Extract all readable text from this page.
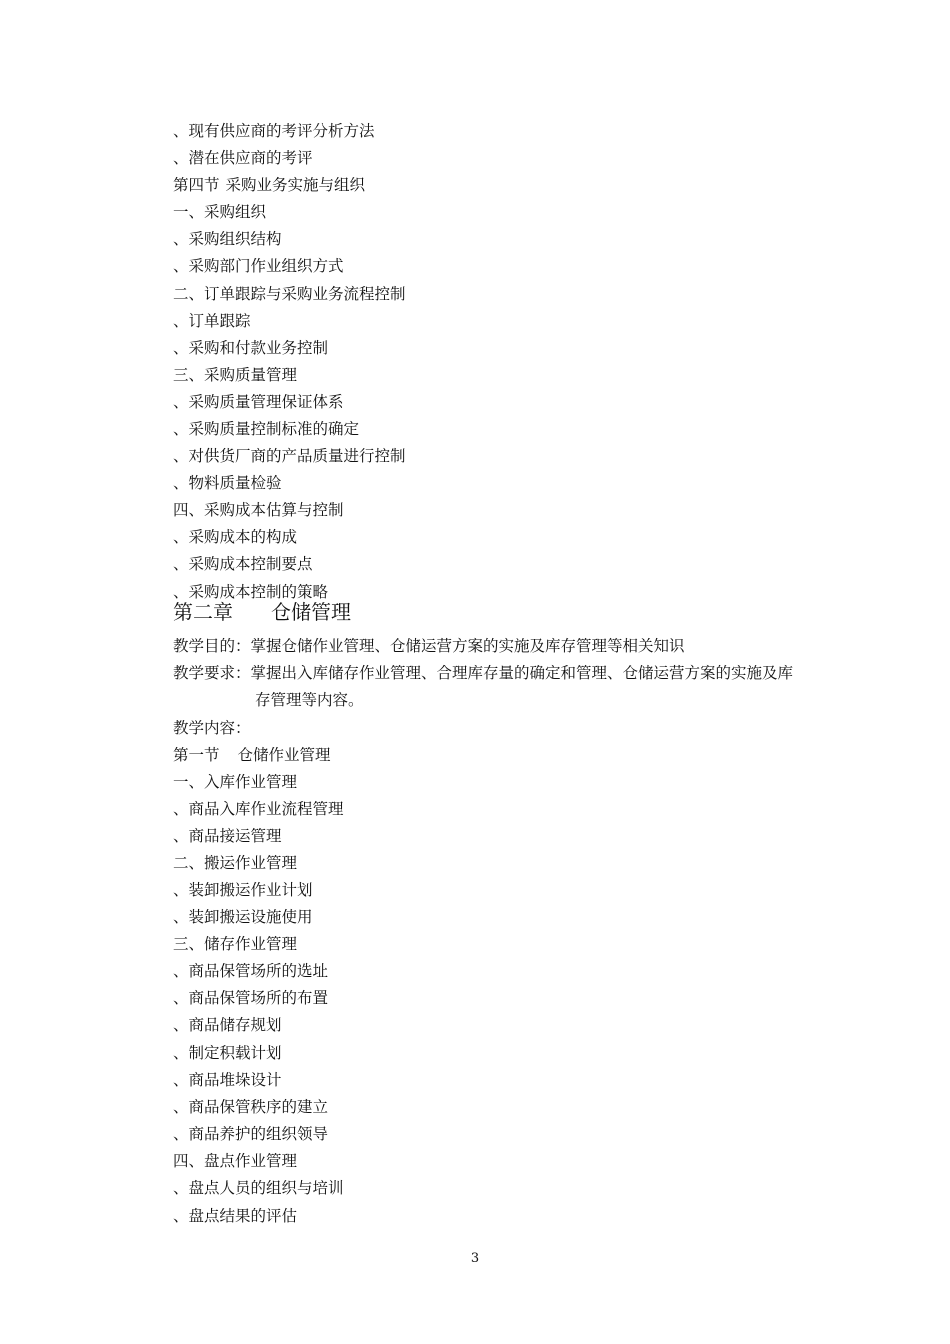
、现有供应商的考评分析方法
、潜在供应商的考评
第四节 采购业务实施与组织
一、采购组织
、采购组织结构
、采购部门作业组织方式
二、订单跟踪与采购业务流程控制
、订单跟踪
、采购和付款业务控制
三、采购质量管理
、采购质量管理保证体系
、采购质量控制标准的确定
、对供货厂商的产品质量进行控制
、物料质量检验
四、采购成本估算与控制
、采购成本的构成
、采购成本控制要点
、采购成本控制的策略
第二章 仓储管理
教学目的：掌握仓储作业管理、仓储运营方案的实施及库存管理等相关知识
教学要求：掌握出入库储存作业管理、合理库存量的确定和管理、仓储运营方案的实施及库
存管理等内容。
教学内容：
第一节 仓储作业管理
一、入库作业管理
、商品入库作业流程管理
、商品接运管理
二、搬运作业管理
、装卸搬运作业计划
、装卸搬运设施使用
三、储存作业管理
、商品保管场所的选址
、商品保管场所的布置
、商品储存规划
、制定积载计划
、商品堆垛设计
、商品保管秩序的建立
、商品养护的组织领导
四、盘点作业管理
、盘点人员的组织与培训
、盘点结果的评估
3
